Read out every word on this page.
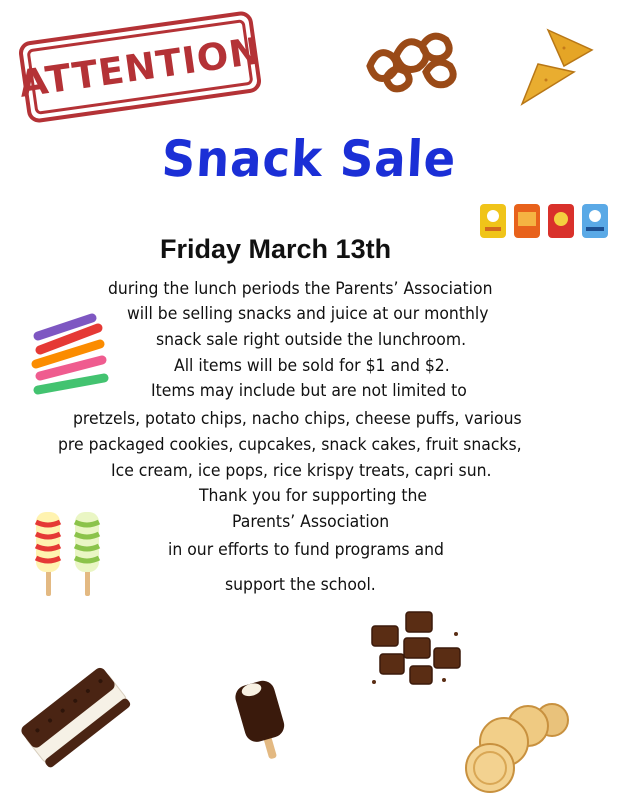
ATTENTION
Snack Sale
Friday March 13th
during the lunch periods the Parents’ Association
will be selling snacks and juice at our monthly
snack sale right outside the lunchroom.
All items will be sold for $1 and $2.
Items may include but are not limited to
pretzels, potato chips, nacho chips, cheese puffs, various
pre packaged cookies, cupcakes, snack cakes, fruit snacks,
Ice cream, ice pops, rice krispy treats, capri sun.
Thank you for supporting the
Parents’ Association
in our efforts to fund programs and
support the school.
